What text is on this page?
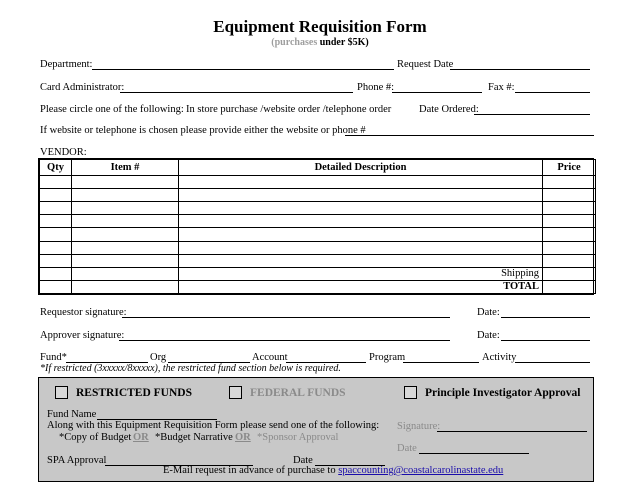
Equipment Requisition Form
(purchases under $5K)
Department:	Request Date
Card Administrator:	Phone #:	Fax #:
Please circle one of the following: In store purchase /website order /telephone order	Date Ordered:
If website or telephone is chosen please provide either the website or phone #
VENDOR:
Qty	Item #	Detailed Description	Price

		Shipping	
		TOTAL	
Requestor signature:	Date:
Approver signature:	Date:
Fund*	Org	Account	Program	Activity
*If restricted (3xxxxx/8xxxxx), the restricted fund section below is required.
RESTRICTED FUNDS	FEDERAL FUNDS	Principle Investigator Approval
Fund Name
Along with this Equipment Requisition Form please send one of the following:
*Copy of Budget OR *Budget Narrative OR *Sponsor Approval
Signature:
Date
SPA Approval	Date
E-Mail request in advance of purchase to spaccounting@coastalcarolinastate.edu
